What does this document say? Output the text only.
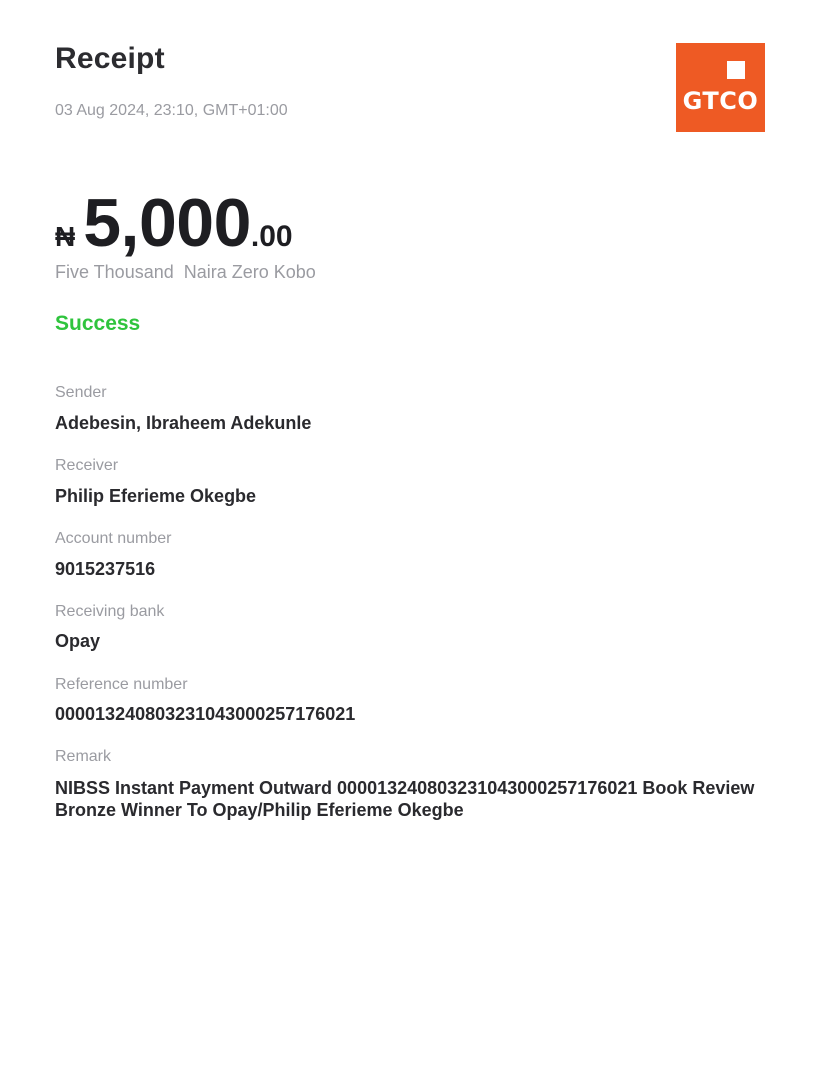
Receipt
03 Aug 2024, 23:10, GMT+01:00	GTCO
₦ 5,000.00
Five Thousand  Naira Zero Kobo
Success
Sender
Adebesin, Ibraheem Adekunle
Receiver
Philip Eferieme Okegbe
Account number
9015237516
Receiving bank
Opay
Reference number
000013240803231043000257176021
Remark
NIBSS Instant Payment Outward 000013240803231043000257176021 Book Review Bronze Winner To Opay/Philip Eferieme Okegbe
